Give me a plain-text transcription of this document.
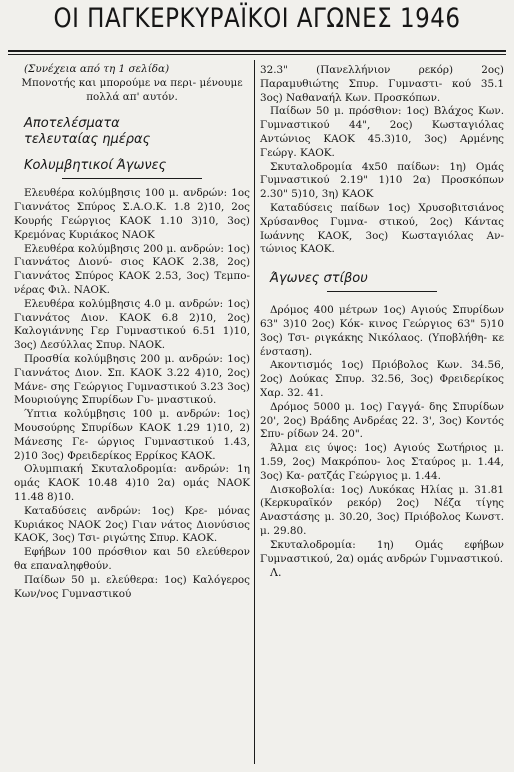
ΟΙ ΠΑΓΚΕΡΚΥΡΑΪΚΟΙ ΑΓΩΝΕΣ 1946

(Συνέχεια από τη 1 σελίδα)

Μπονοτής και μπορούμε να περι- μένουμε πολλά απ' αυτόν.

Αποτελέσματα

τελευταίας ημέρας

Κολυμβητικοί Άγωνες

Ελευθέρα κολύμβησις 100 μ. ανδρών: 1ος Γιαννάτος Σπύρος Σ.Α.Ο.Κ. 1.8 2)10, 2ος Κουρής Γεώργιος ΚΑΟΚ 1.10 3)10, 3ος) Κρεμόνας Κυριάκος ΝΑΟΚ

Ελευθέρα κολύμβησις 200 μ. ανδρών: 1ος) Γιαννάτος Διονύ- σιος ΚΑΟΚ 2.38, 2ος) Γιαννάτος Σπύρος ΚΑΟΚ 2.53, 3ος) Τεμπο- νέρας Φιλ. ΝΑΟΚ.

Ελευθέρα κολύμβησις 4.0 μ. ανδρών: 1ος) Γιαννάτος Διον. ΚΑΟΚ 6.8 2)10, 2ος) Καλογιάννης Γερ Γυμναστικού 6.51 1)10, 3ος) Δεσύλλας Σπυρ. ΝΑΟΚ.

Προσθία κολύμβησις 200 μ. ανδρών: 1ος) Γιαννάτος Διον. Σπ. ΚΑΟΚ 3.22 4)10, 2ος) Μάνε- σης Γεώργιος Γυμναστικού 3.23 3ος) Μουριούγης Σπυρίδων Γυ- μναστικού.

Ύπτια κολύμβησις 100 μ. ανδρών: 1ος) Μουσούρης Σπυρίδων ΚΑΟΚ 1.29 1)10, 2) Μάνεσης Γε- ώργιος Γυμναστικού 1.43, 2)10 3ος) Φρειδερίκος Ερρίκος ΚΑΟΚ.

Ολυμπιακή Σκυταλοδρομία: ανδρών: 1η ομάς ΚΑΟΚ 10.48 4)10 2α) ομάς ΝΑΟΚ 11.48 8)10.

Καταδύσεις ανδρών: 1ος) Κρε- μόνας Κυριάκος ΝΑΟΚ 2ος) Γιαν νάτος Διονύσιος ΚΑΟΚ, 3ος) Τσι- ριγώτης Σπυρ. ΚΑΟΚ.

Εφήβων 100 πρόσθιον και 50 ελεύθερον θα επαναληφθούν.

Παίδων 50 μ. ελεύθερα: 1ος) Καλόγερος Κων/νος Γυμναστικού

32.3" (Πανελλήνιον ρεκόρ) 2ος) Παραμυθιώτης Σπυρ. Γυμναστι- κού 35.1 3ος) Ναθαναήλ Κων. Προσκόπων.

Παίδων 50 μ. πρόσθιον: 1ος) Βλάχος Κων. Γυμναστικού 44", 2ος) Κωσταγιόλας Αντώνιος ΚΑΟΚ 45.3)10, 3ος) Αρμένης Γεώργ. ΚΑΟΚ.

Σκυταλοδρομία 4x50 παίδων: 1η) Ομάς Γυμναστικού 2.19" 1)10 2α) Προσκόπων 2.30" 5)10, 3η) ΚΑΟΚ

Καταδύσεις παίδων 1ος) Χρυσοβιτσιάνος Χρύσανθος Γυμνα- στικού, 2ος) Κάντας Ιωάννης ΚΑΟΚ, 3ος) Κωσταγιόλας Αν- τώνιος ΚΑΟΚ.

Άγωνες στίβου

Δρόμος 400 μέτρων 1ος) Αγιούς Σπυρίδων 63" 3)10 2ος) Κόκ- κινος Γεώργιος 63" 5)10 3ος) Τσι- ριγκάκης Νικόλαος. (Υποβλήθη- κε ένσταση).

Ακοντισμός 1ος) Πριόβολος Κων. 34.56, 2ος) Δούκας Σπυρ. 32.56, 3ος) Φρειδερίκος Χαρ. 32. 41.

Δρόμος 5000 μ. 1ος) Γαγγά- δης Σπυρίδων 20', 2ος) Βράδης Ανδρέας 22. 3', 3ος) Κοντός Σπυ- ρίδων 24. 20".

Άλμα εις ύψος: 1ος) Αγιούς Σωτήριος μ. 1.59, 2ος) Μακρόπου- λος Σταύρος μ. 1.44, 3ος) Κα- ρατζάς Γεώργιος μ. 1.44.

Δισκοβολία: 1ος) Λυκόκας Ηλίας μ. 31.81 (Κερκυραϊκόν ρεκόρ) 2ος) Νέζα τίγης Αναστάσης μ. 30.20, 3ος) Πριόβολος Κωνστ. μ. 29.80.

Σκυταλοδρομία: 1η) Ομάς εφήβων Γυμναστικού, 2α) ομάς ανδρών Γυμναστικού.

Λ.
